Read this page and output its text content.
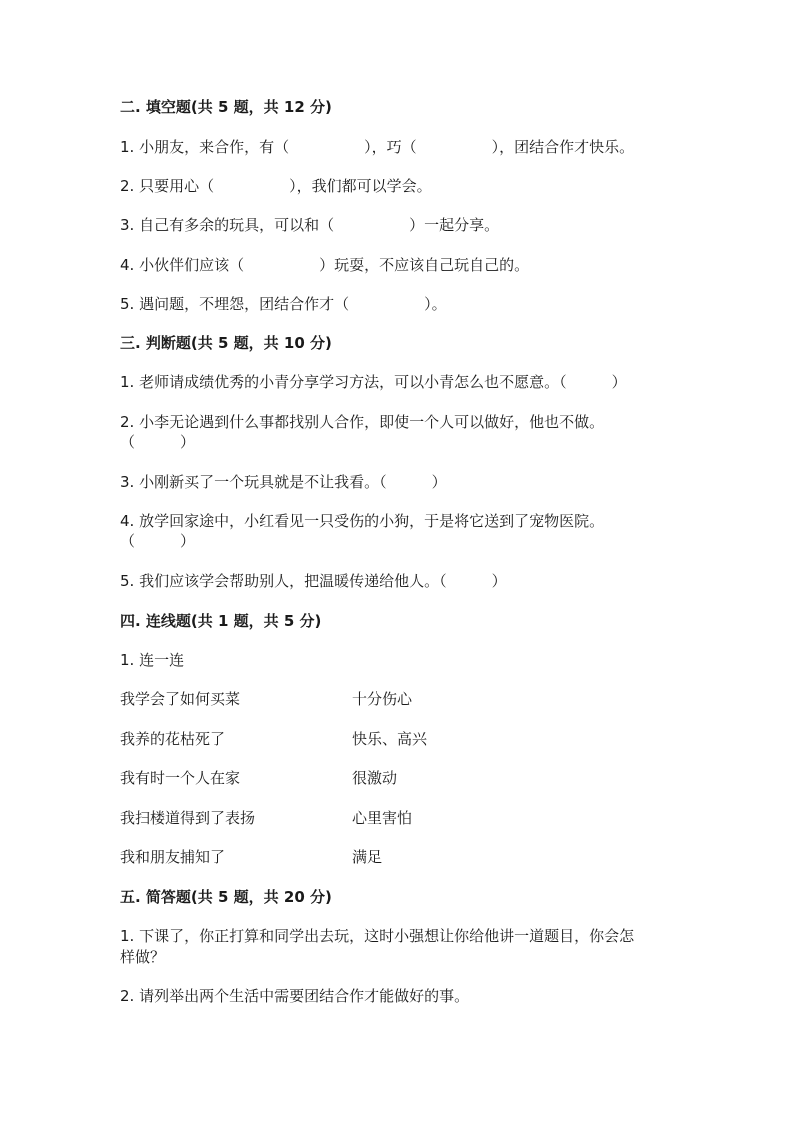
二. 填空题(共 5 题，共 12 分)
1. 小朋友，来合作，有（　　　　　），巧（　　　　　），团结合作才快乐。
2. 只要用心（　　　　　），我们都可以学会。
3. 自己有多余的玩具，可以和（　　　　　）一起分享。
4. 小伙伴们应该（　　　　　）玩耍，不应该自己玩自己的。
5. 遇问题，不埋怨，团结合作才（　　　　　）。
三. 判断题(共 5 题，共 10 分)
1. 老师请成绩优秀的小青分享学习方法，可以小青怎么也不愿意。（　　　）
2. 小李无论遇到什么事都找别人合作，即使一个人可以做好，他也不做。
（　　　）
3. 小刚新买了一个玩具就是不让我看。（　　　）
4. 放学回家途中，小红看见一只受伤的小狗，于是将它送到了宠物医院。
（　　　）
5. 我们应该学会帮助别人，把温暖传递给他人。（　　　）
四. 连线题(共 1 题，共 5 分)
1. 连一连
我学会了如何买菜	十分伤心
我养的花枯死了	快乐、高兴
我有时一个人在家	很激动
我扫楼道得到了表扬	心里害怕
我和朋友捕知了	满足
五. 简答题(共 5 题，共 20 分)
1. 下课了，你正打算和同学出去玩，这时小强想让你给他讲一道题目，你会怎
样做？
2. 请列举出两个生活中需要团结合作才能做好的事。
